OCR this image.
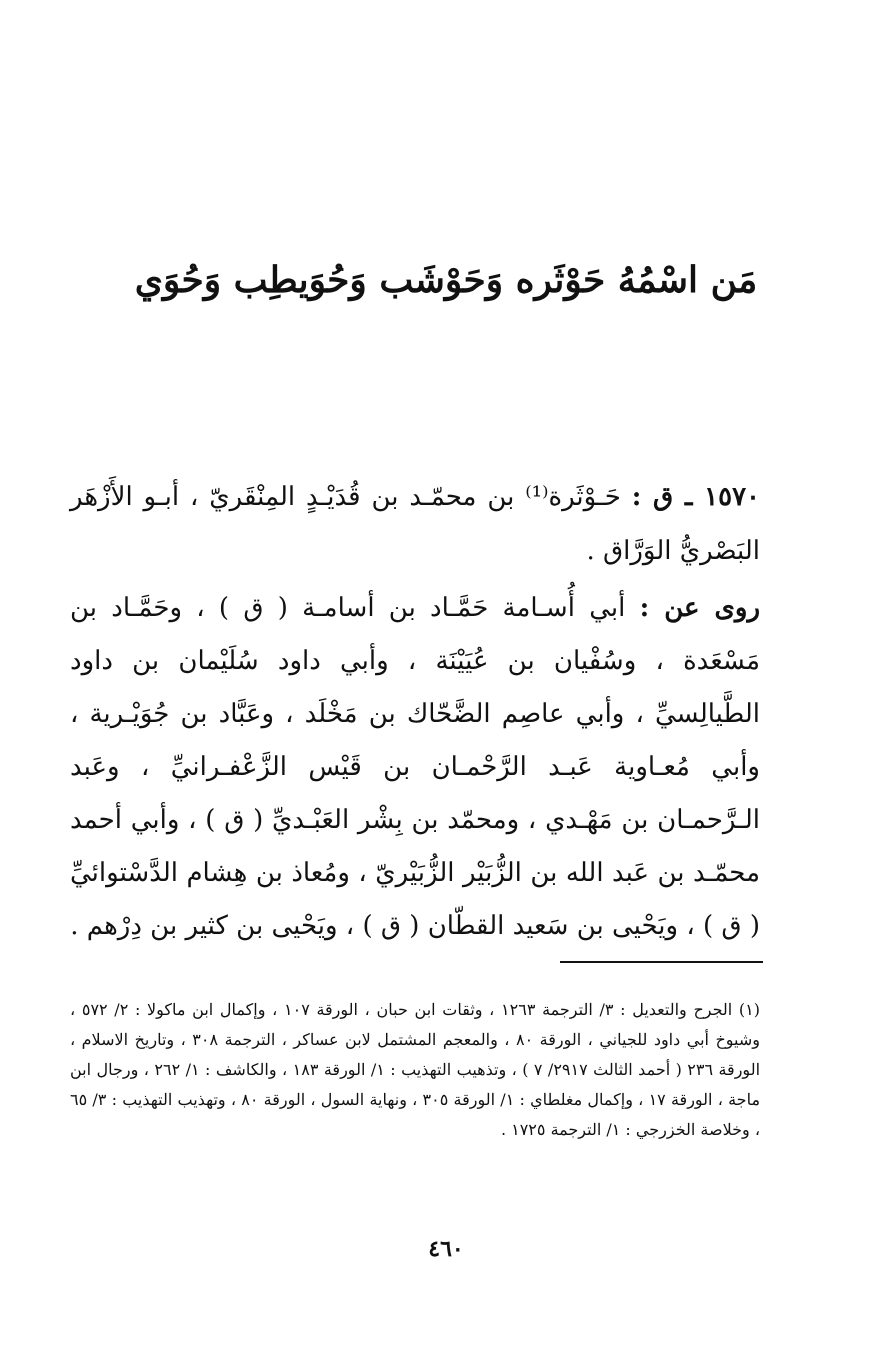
مَن اسْمُهُ حَوْثَره وَحَوْشَب وَحُوَيطِب وَحُوَي
١٥٧٠ ـ ق : حَـوْثَرة⁽¹⁾ بن محمّـد بن قُدَيْـدٍ المِنْقَريّ ، أبـو الأَزْهَر البَصْريُّ الوَرَّاق .
روى عن : أبي أُسـامة حَمَّـاد بن أسامـة ( ق ) ، وحَمَّـاد بن مَسْعَدة ، وسُفْيان بن عُيَيْنَة ، وأبي داود سُلَيْمان بن داود الطَّيالِسيِّ ، وأبي عاصِم الضَّحّاك بن مَخْلَد ، وعَبَّاد بن جُوَيْـرية ، وأبي مُعـاوية عَبـد الرَّحْمـان بن قَيْس الزَّعْفـرانيِّ ، وعَبد الـرَّحمـان بن مَهْـدي ، ومحمّد بن بِشْر العَبْـديِّ ( ق ) ، وأبي أحمد محمّـد بن عَبد الله بن الزُّبَيْر الزُّبَيْريّ ، ومُعاذ بن هِشام الدَّسْتوائيِّ ( ق ) ، ويَحْيى بن سَعيد القطّان ( ق ) ، ويَحْيى بن كثير بن دِرْهم .
(١) الجرح والتعديل : ٣/ الترجمة ١٢٦٣ ، وثقات ابن حبان ، الورقة ١٠٧ ، وإكمال ابن ماكولا : ٢/ ٥٧٢ ، وشيوخ أبي داود للجياني ، الورقة ٨٠ ، والمعجم المشتمل لابن عساكر ، الترجمة ٣٠٨ ، وتاريخ الاسلام ، الورقة ٢٣٦ ( أحمد الثالث ٢٩١٧/ ٧ ) ، وتذهيب التهذيب : ١/ الورقة ١٨٣ ، والكاشف : ١/ ٢٦٢ ، ورجال ابن ماجة ، الورقة ١٧ ، وإكمال مغلطاي : ١/ الورقة ٣٠٥ ، ونهاية السول ، الورقة ٨٠ ، وتهذيب التهذيب : ٣/ ٦٥ ، وخلاصة الخزرجي : ١/ الترجمة ١٧٢٥ .
٤٦٠
